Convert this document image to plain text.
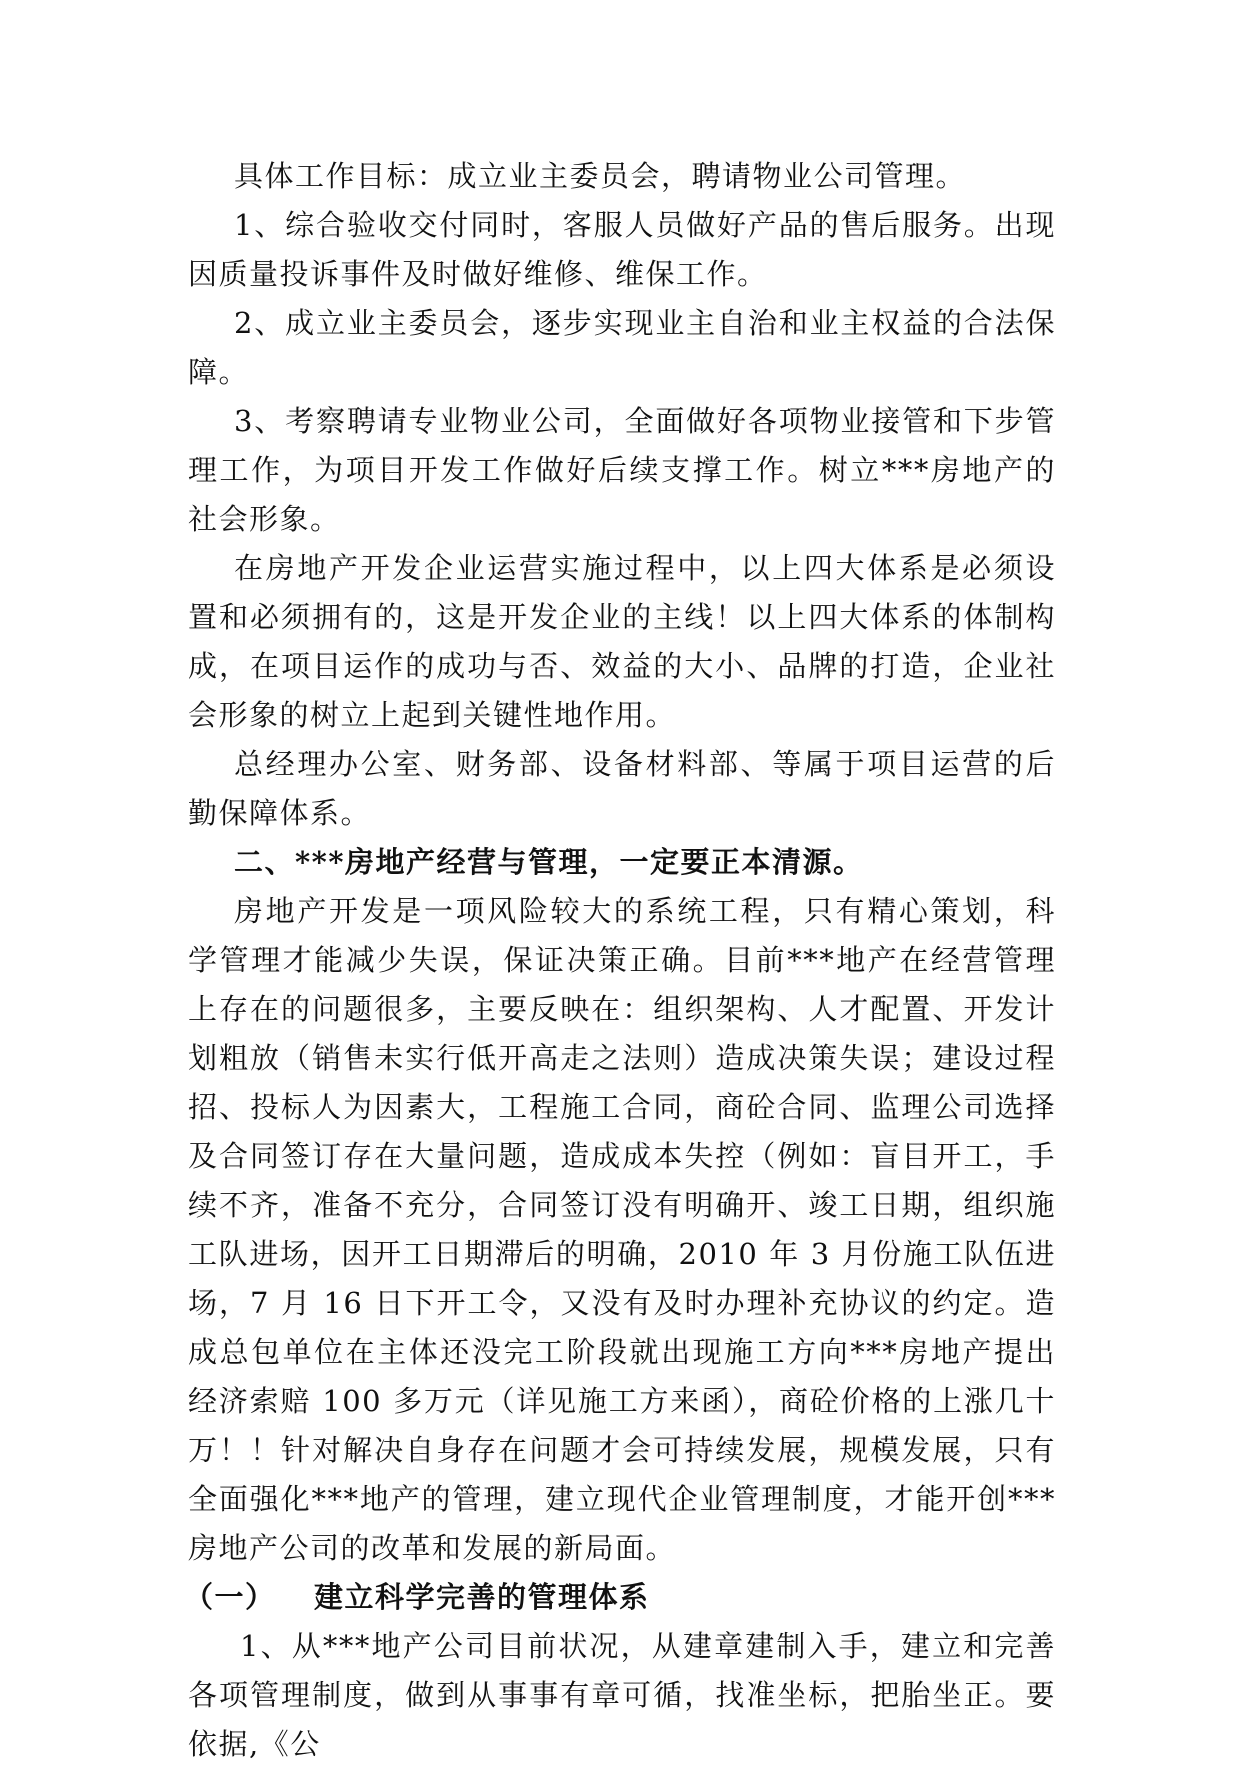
具体工作目标：成立业主委员会，聘请物业公司管理。

1、综合验收交付同时，客服人员做好产品的售后服务。出现因质量投诉事件及时做好维修、维保工作。

2、成立业主委员会，逐步实现业主自治和业主权益的合法保障。

3、考察聘请专业物业公司，全面做好各项物业接管和下步管理工作，为项目开发工作做好后续支撑工作。树立***房地产的社会形象。

在房地产开发企业运营实施过程中，以上四大体系是必须设置和必须拥有的，这是开发企业的主线！以上四大体系的体制构成，在项目运作的成功与否、效益的大小、品牌的打造，企业社会形象的树立上起到关键性地作用。

总经理办公室、财务部、设备材料部、等属于项目运营的后勤保障体系。

二、***房地产经营与管理，一定要正本清源。

房地产开发是一项风险较大的系统工程，只有精心策划，科学管理才能减少失误，保证决策正确。目前***地产在经营管理上存在的问题很多，主要反映在：组织架构、人才配置、开发计划粗放（销售未实行低开高走之法则）造成决策失误；建设过程招、投标人为因素大，工程施工合同，商砼合同、监理公司选择及合同签订存在大量问题，造成成本失控（例如：盲目开工，手续不齐，准备不充分，合同签订没有明确开、竣工日期，组织施工队进场，因开工日期滞后的明确，2010 年 3 月份施工队伍进场，7 月 16 日下开工令，又没有及时办理补充协议的约定。造成总包单位在主体还没完工阶段就出现施工方向***房地产提出经济索赔 100 多万元（详见施工方来函），商砼价格的上涨几十万！！针对解决自身存在问题才会可持续发展，规模发展，只有全面强化***地产的管理，建立现代企业管理制度，才能开创***房地产公司的改革和发展的新局面。

（一）	建立科学完善的管理体系

1、从***地产公司目前状况，从建章建制入手，建立和完善各项管理制度，做到从事事有章可循，找准坐标，把胎坐正。要依据,《公
